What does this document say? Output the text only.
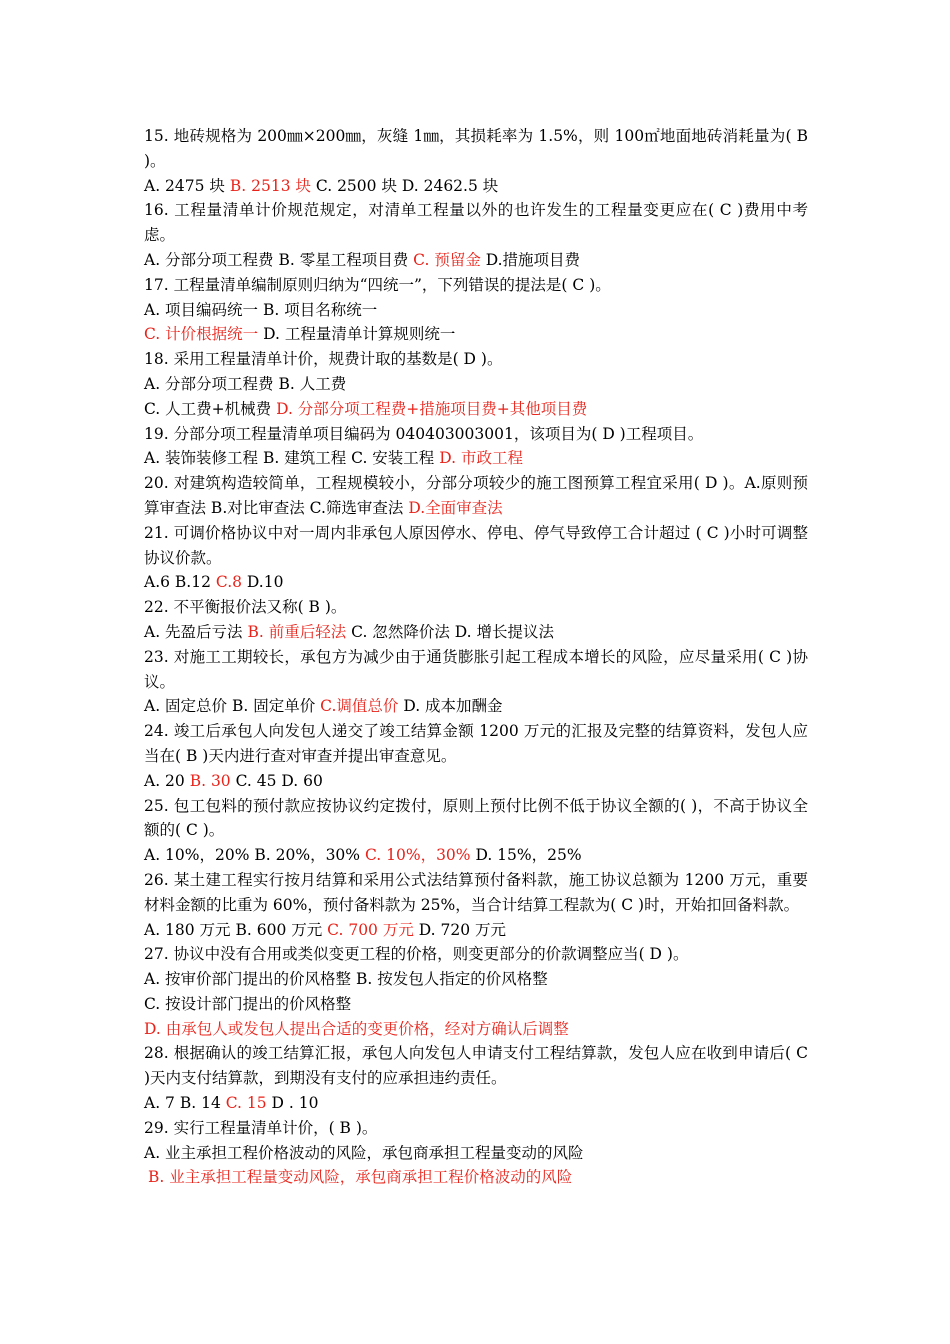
15. 地砖规格为 200㎜×200㎜，灰缝 1㎜，其损耗率为 1.5%，则 100㎡地面地砖消耗量为( B )。

A. 2475 块 B. 2513 块 C. 2500 块 D. 2462.5 块

16. 工程量清单计价规范规定，对清单工程量以外的也许发生的工程量变更应在( C )费用中考虑。

A. 分部分项工程费 B. 零星工程项目费 C. 预留金 D.措施项目费

17. 工程量清单编制原则归纳为“四统一”，下列错误的提法是( C )。

A. 项目编码统一 B. 项目名称统一

C. 计价根据统一 D. 工程量清单计算规则统一

18. 采用工程量清单计价，规费计取的基数是( D )。

A. 分部分项工程费 B. 人工费

C. 人工费+机械费 D. 分部分项工程费+措施项目费+其他项目费

19. 分部分项工程量清单项目编码为 040403003001，该项目为( D )工程项目。

A. 装饰装修工程 B. 建筑工程 C. 安装工程 D. 市政工程

20. 对建筑构造较简单，工程规模较小，分部分项较少的施工图预算工程宜采用( D )。A.原则预算审查法 B.对比审查法 C.筛选审查法 D.全面审查法

21. 可调价格协议中对一周内非承包人原因停水、停电、停气导致停工合计超过 ( C )小时可调整协议价款。

A.6 B.12 C.8 D.10

22. 不平衡报价法又称( B )。

A. 先盈后亏法 B. 前重后轻法 C. 忽然降价法 D. 增长提议法

23. 对施工工期较长，承包方为减少由于通货膨胀引起工程成本增长的风险，应尽量采用( C )协议。

A. 固定总价 B. 固定单价 C.调值总价 D. 成本加酬金

24. 竣工后承包人向发包人递交了竣工结算金额 1200 万元的汇报及完整的结算资料，发包人应当在( B )天内进行查对审查并提出审查意见。

A. 20 B. 30 C. 45 D. 60

25. 包工包料的预付款应按协议约定拨付，原则上预付比例不低于协议全额的( )，不高于协议全额的( C )。

A. 10%，20% B. 20%，30% C. 10%，30% D. 15%，25%

26. 某土建工程实行按月结算和采用公式法结算预付备料款，施工协议总额为 1200 万元，重要材料金额的比重为 60%，预付备料款为 25%，当合计结算工程款为( C )时，开始扣回备料款。

A. 180 万元 B. 600 万元 C. 700 万元 D. 720 万元

27. 协议中没有合用或类似变更工程的价格，则变更部分的价款调整应当( D )。

A. 按审价部门提出的价风格整 B. 按发包人指定的价风格整

C. 按设计部门提出的价风格整

D. 由承包人或发包人提出合适的变更价格，经对方确认后调整

28. 根据确认的竣工结算汇报，承包人向发包人申请支付工程结算款，发包人应在收到申请后( C )天内支付结算款，到期没有支付的应承担违约责任。

A. 7 B. 14 C. 15 D . 10

29. 实行工程量清单计价，( B )。

A. 业主承担工程价格波动的风险，承包商承担工程量变动的风险

B. 业主承担工程量变动风险，承包商承担工程价格波动的风险
